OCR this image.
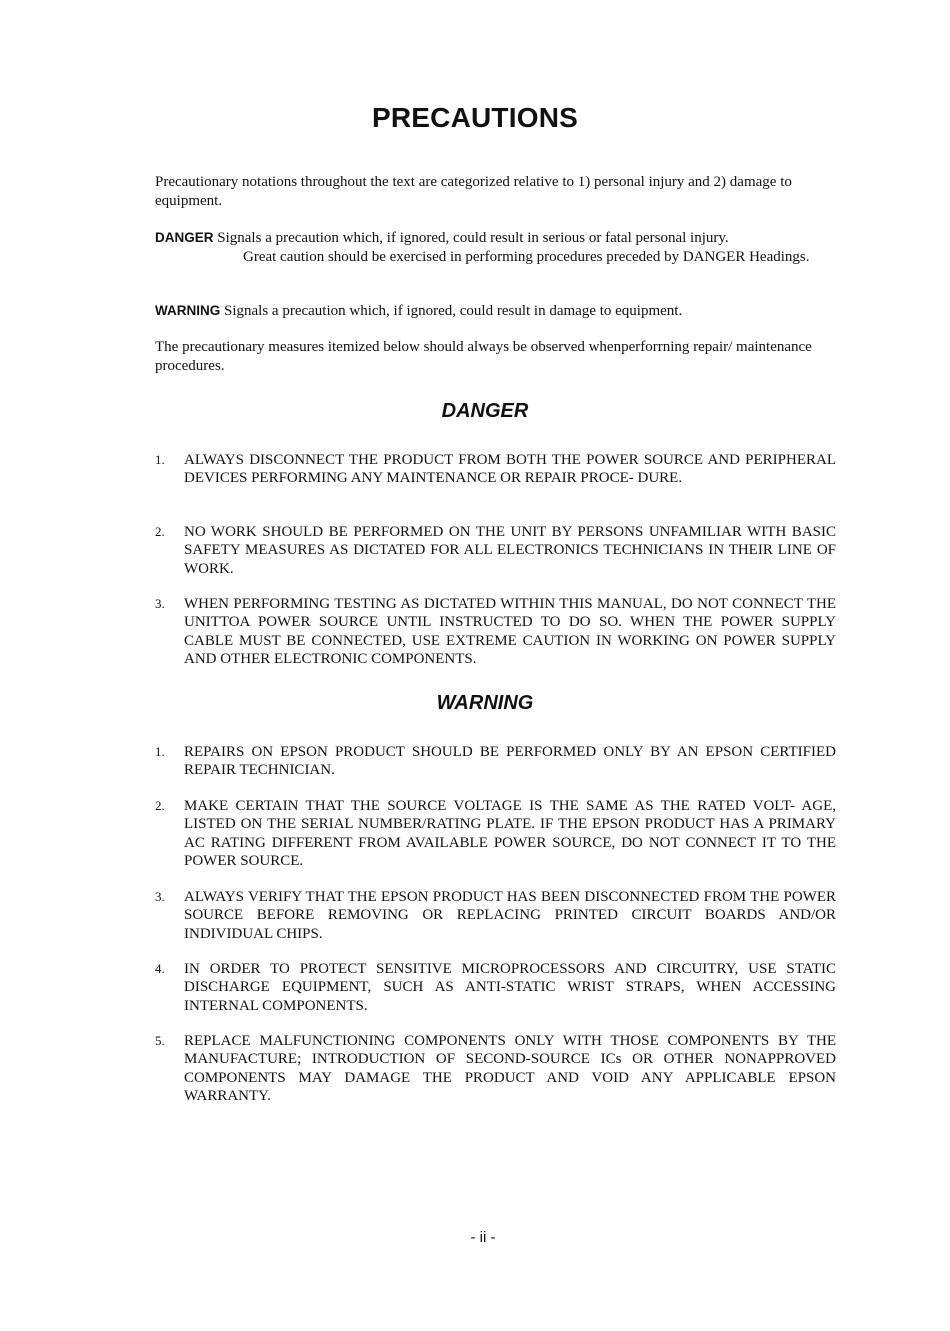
PRECAUTIONS
Precautionary notations throughout the text are categorized relative to 1) personal injury and 2) damage to equipment.
DANGER Signals a precaution which, if ignored, could result in serious or fatal personal injury.
Great caution should be exercised in performing procedures preceded by DANGER Headings.
WARNING Signals a precaution which, if ignored, could result in damage to equipment.
The precautionary measures itemized below should always be observed whenperforrning repair/ maintenance procedures.
DANGER
1. ALWAYS DISCONNECT THE PRODUCT FROM BOTH THE POWER SOURCE AND PERIPHERAL DEVICES PERFORMING ANY MAINTENANCE OR REPAIR PROCE- DURE.
2. NO WORK SHOULD BE PERFORMED ON THE UNIT BY PERSONS UNFAMILIAR WITH BASIC SAFETY MEASURES AS DICTATED FOR ALL ELECTRONICS TECHNICIANS IN THEIR LINE OF WORK.
3. WHEN PERFORMING TESTING AS DICTATED WITHIN THIS MANUAL, DO NOT CONNECT THE UNITTOA POWER SOURCE UNTIL INSTRUCTED TO DO SO. WHEN THE POWER SUPPLY CABLE MUST BE CONNECTED, USE EXTREME CAUTION IN WORKING ON POWER SUPPLY AND OTHER ELECTRONIC COMPONENTS.
WARNING
1. REPAIRS ON EPSON PRODUCT SHOULD BE PERFORMED ONLY BY AN EPSON CERTIFIED REPAIR TECHNICIAN.
2. MAKE CERTAIN THAT THE SOURCE VOLTAGE IS THE SAME AS THE RATED VOLT- AGE, LISTED ON THE SERIAL NUMBER/RATING PLATE. IF THE EPSON PRODUCT HAS A PRIMARY AC RATING DIFFERENT FROM AVAILABLE POWER SOURCE, DO NOT CONNECT IT TO THE POWER SOURCE.
3. ALWAYS VERIFY THAT THE EPSON PRODUCT HAS BEEN DISCONNECTED FROM THE POWER SOURCE BEFORE REMOVING OR REPLACING PRINTED CIRCUIT BOARDS AND/OR INDIVIDUAL CHIPS.
4. IN ORDER TO PROTECT SENSITIVE MICROPROCESSORS AND CIRCUITRY, USE STATIC DISCHARGE EQUIPMENT, SUCH AS ANTI-STATIC WRIST STRAPS, WHEN ACCESSING INTERNAL COMPONENTS.
5. REPLACE MALFUNCTIONING COMPONENTS ONLY WITH THOSE COMPONENTS BY THE MANUFACTURE; INTRODUCTION OF SECOND-SOURCE ICs OR OTHER NONAPPROVED COMPONENTS MAY DAMAGE THE PRODUCT AND VOID ANY APPLICABLE EPSON WARRANTY.
- ii -
